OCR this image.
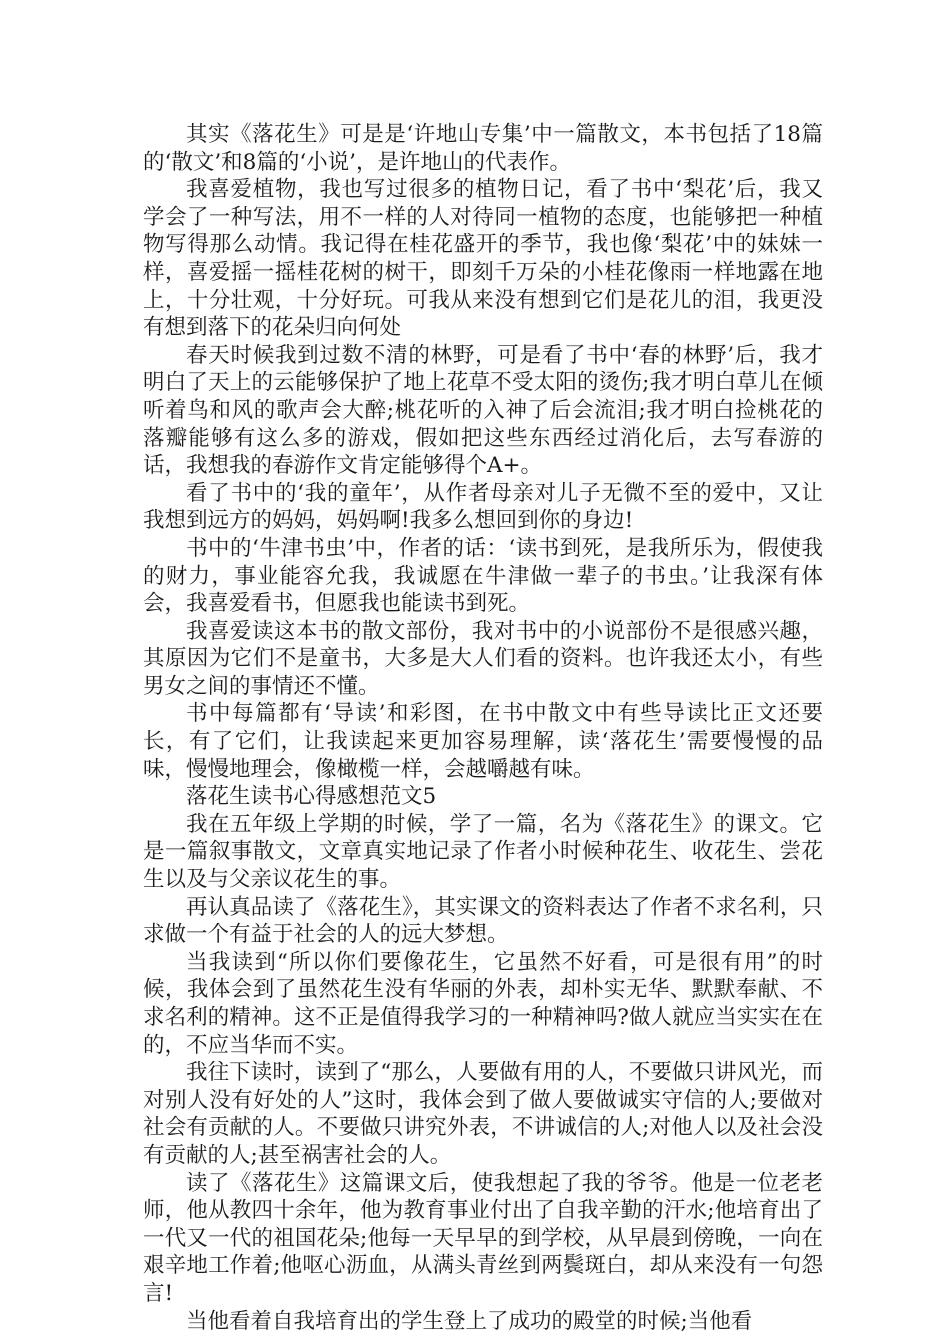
其实《落花生》可是是‘许地山专集’中一篇散文，本书包括了18篇的‘散文’和8篇的‘小说’，是许地山的代表作。

我喜爱植物，我也写过很多的植物日记，看了书中‘梨花’后，我又学会了一种写法，用不一样的人对待同一植物的态度，也能够把一种植物写得那么动情。我记得在桂花盛开的季节，我也像‘梨花’中的妹妹一样，喜爱摇一摇桂花树的树干，即刻千万朵的小桂花像雨一样地露在地上，十分壮观，十分好玩。可我从来没有想到它们是花儿的泪，我更没有想到落下的花朵归向何处

春天时候我到过数不清的林野，可是看了书中‘春的林野’后，我才明白了天上的云能够保护了地上花草不受太阳的烫伤;我才明白草儿在倾听着鸟和风的歌声会大醉;桃花听的入神了后会流泪;我才明白捡桃花的落瓣能够有这么多的游戏，假如把这些东西经过消化后，去写春游的话，我想我的春游作文肯定能够得个A+。

看了书中的‘我的童年’，从作者母亲对儿子无微不至的爱中，又让我想到远方的妈妈，妈妈啊!我多么想回到你的身边!

书中的‘牛津书虫’中，作者的话：‘读书到死，是我所乐为，假使我的财力，事业能容允我，我诚愿在牛津做一辈子的书虫。’让我深有体会，我喜爱看书，但愿我也能读书到死。

我喜爱读这本书的散文部份，我对书中的小说部份不是很感兴趣，其原因为它们不是童书，大多是大人们看的资料。也许我还太小，有些男女之间的事情还不懂。

书中每篇都有‘导读’和彩图，在书中散文中有些导读比正文还要长，有了它们，让我读起来更加容易理解，读‘落花生’需要慢慢的品味，慢慢地理会，像橄榄一样，会越嚼越有味。

落花生读书心得感想范文5

我在五年级上学期的时候，学了一篇，名为《落花生》的课文。它是一篇叙事散文，文章真实地记录了作者小时候种花生、收花生、尝花生以及与父亲议花生的事。

再认真品读了《落花生》，其实课文的资料表达了作者不求名利，只求做一个有益于社会的人的远大梦想。

当我读到“所以你们要像花生，它虽然不好看，可是很有用”的时候，我体会到了虽然花生没有华丽的外表，却朴实无华、默默奉献、不求名利的精神。这不正是值得我学习的一种精神吗?做人就应当实实在在的，不应当华而不实。

我往下读时，读到了“那么，人要做有用的人，不要做只讲风光，而对别人没有好处的人”这时，我体会到了做人要做诚实守信的人;要做对社会有贡献的人。不要做只讲究外表，不讲诚信的人;对他人以及社会没有贡献的人;甚至祸害社会的人。

读了《落花生》这篇课文后，使我想起了我的爷爷。他是一位老老师，他从教四十余年，他为教育事业付出了自我辛勤的汗水;他培育出了一代又一代的祖国花朵;他每一天早早的到学校，从早晨到傍晚，一向在艰辛地工作着;他呕心沥血，从满头青丝到两鬓斑白，却从来没有一句怨言!

当他看着自我培育出的学生登上了成功的殿堂的时候;当他看
